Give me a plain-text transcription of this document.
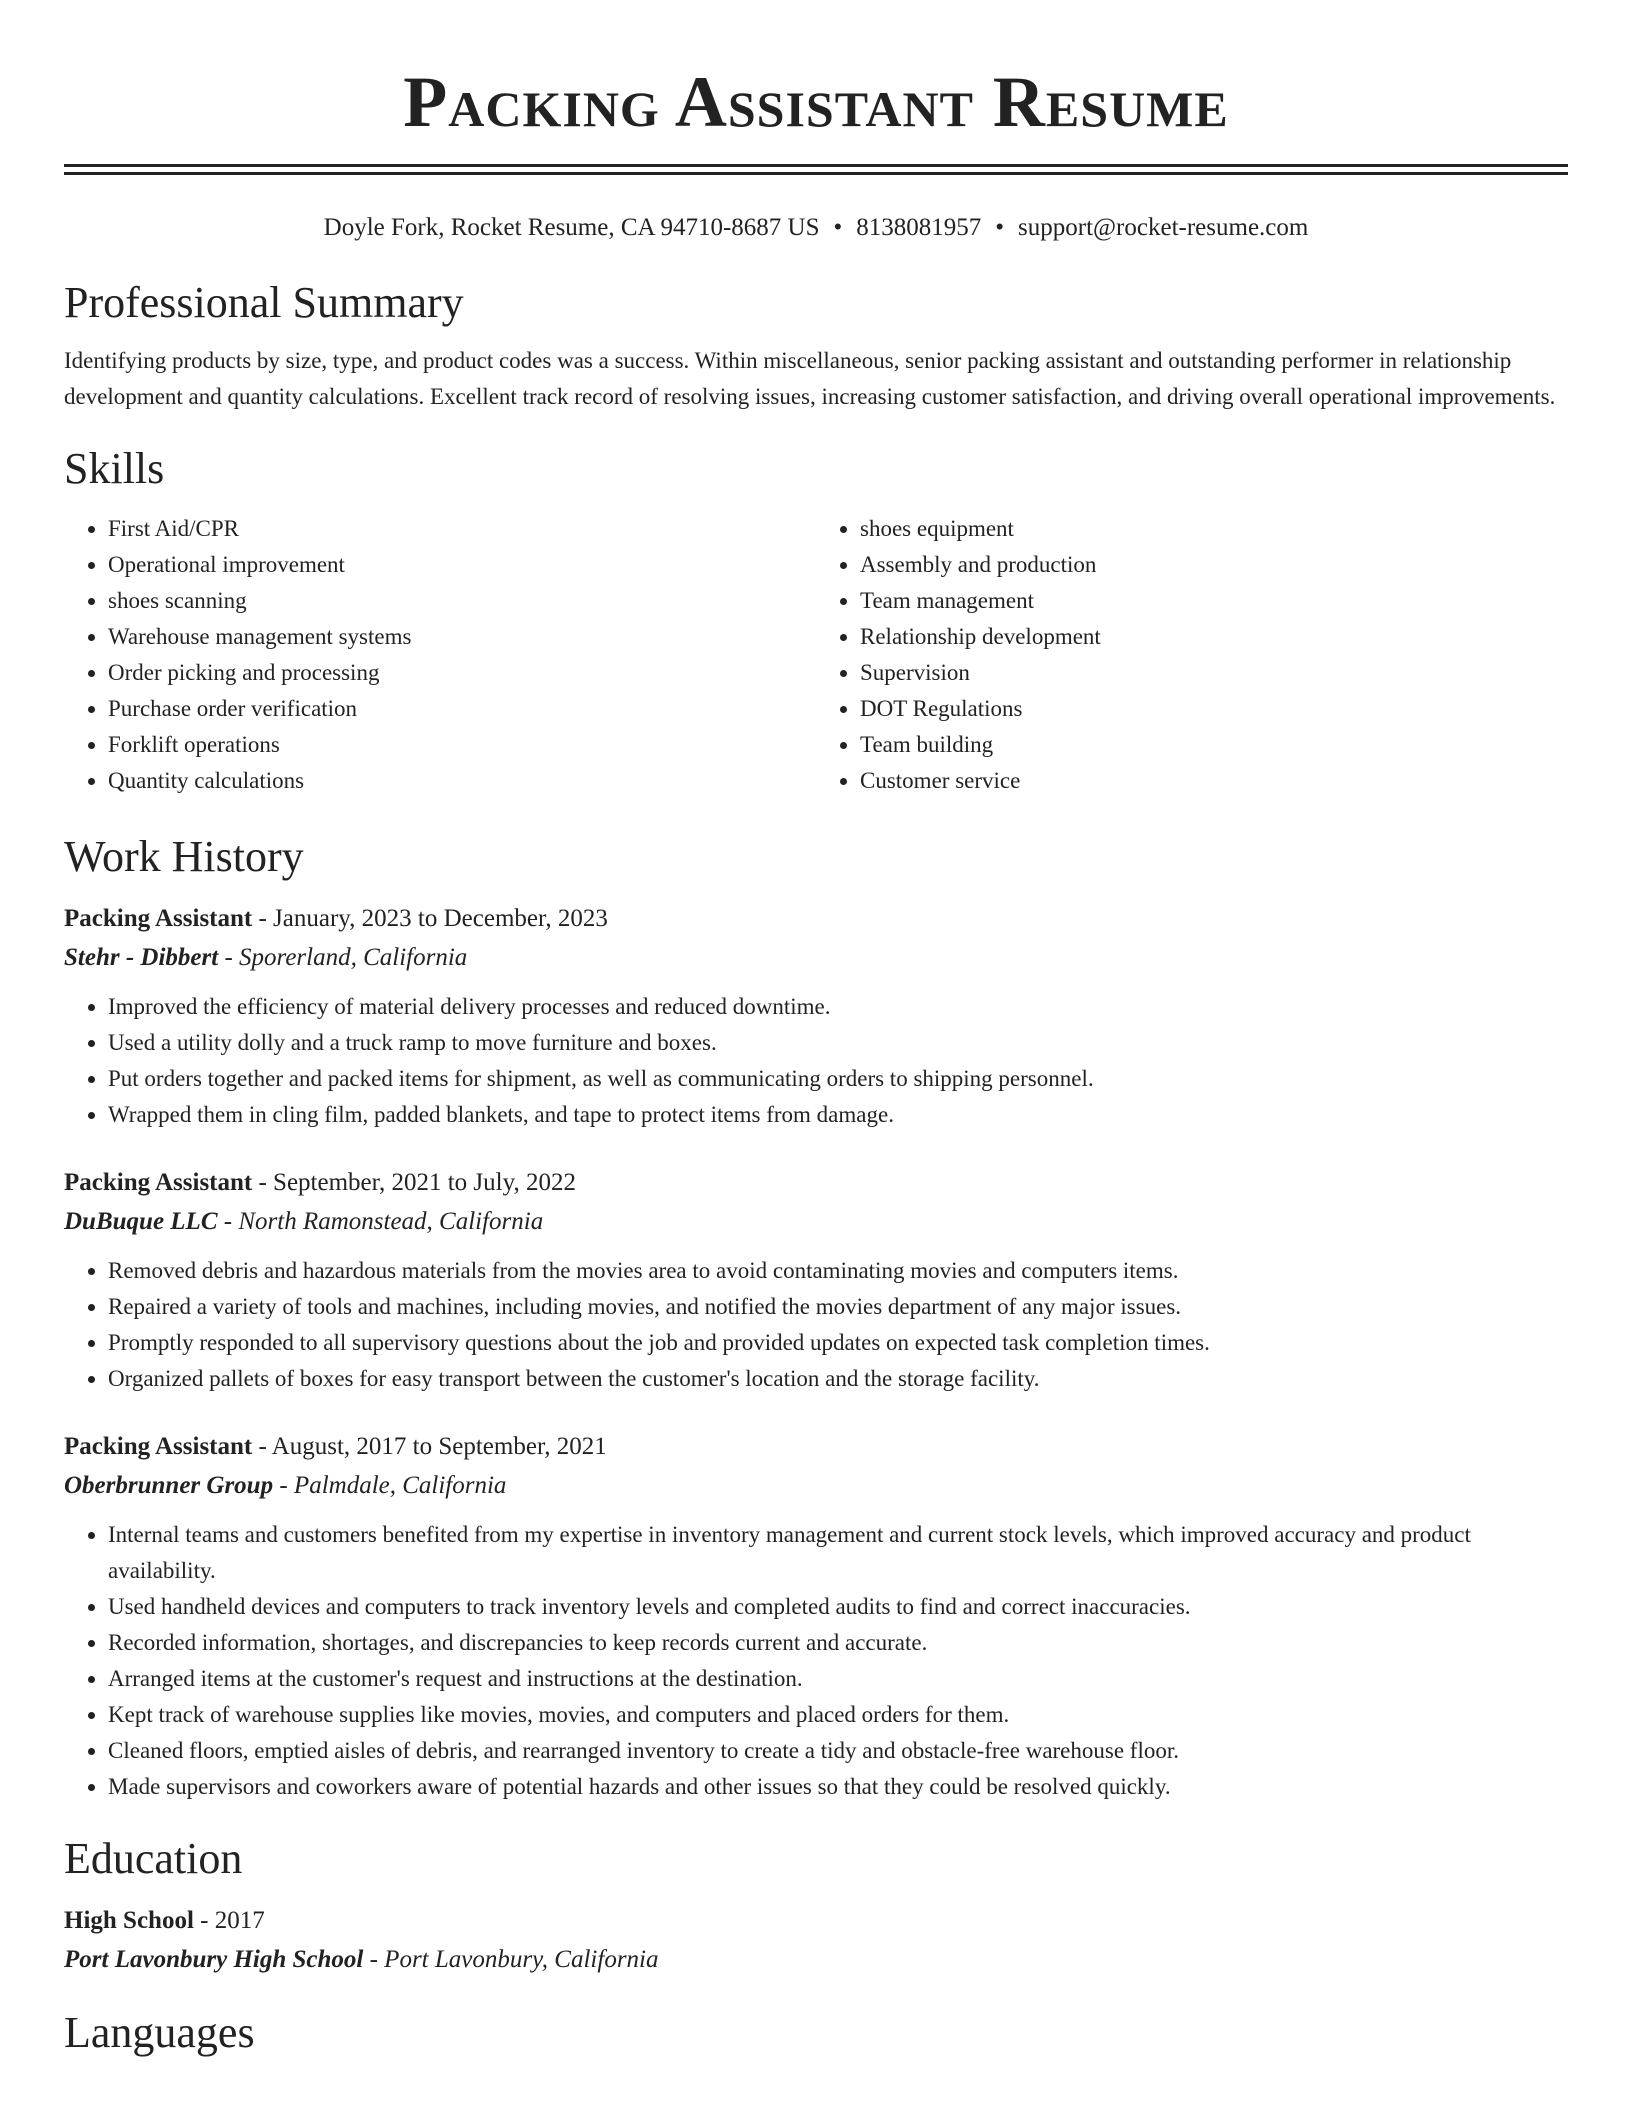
Packing Assistant Resume
Doyle Fork, Rocket Resume, CA 94710-8687 US • 8138081957 • support@rocket-resume.com
Professional Summary

Identifying products by size, type, and product codes was a success. Within miscellaneous, senior packing assistant and outstanding performer in relationship development and quantity calculations. Excellent track record of resolving issues, increasing customer satisfaction, and driving overall operational improvements.

Skills
• First Aid/CPR
• Operational improvement
• shoes scanning
• Warehouse management systems
• Order picking and processing
• Purchase order verification
• Forklift operations
• Quantity calculations
• shoes equipment
• Assembly and production
• Team management
• Relationship development
• Supervision
• DOT Regulations
• Team building
• Customer service
Work History
Packing Assistant - January, 2023 to December, 2023
Stehr - Dibbert - Sporerland, California
• Improved the efficiency of material delivery processes and reduced downtime.
• Used a utility dolly and a truck ramp to move furniture and boxes.
• Put orders together and packed items for shipment, as well as communicating orders to shipping personnel.
• Wrapped them in cling film, padded blankets, and tape to protect items from damage.
Packing Assistant - September, 2021 to July, 2022
DuBuque LLC - North Ramonstead, California
• Removed debris and hazardous materials from the movies area to avoid contaminating movies and computers items.
• Repaired a variety of tools and machines, including movies, and notified the movies department of any major issues.
• Promptly responded to all supervisory questions about the job and provided updates on expected task completion times.
• Organized pallets of boxes for easy transport between the customer's location and the storage facility.
Packing Assistant - August, 2017 to September, 2021
Oberbrunner Group - Palmdale, California
• Internal teams and customers benefited from my expertise in inventory management and current stock levels, which improved accuracy and product availability.
• Used handheld devices and computers to track inventory levels and completed audits to find and correct inaccuracies.
• Recorded information, shortages, and discrepancies to keep records current and accurate.
• Arranged items at the customer's request and instructions at the destination.
• Kept track of warehouse supplies like movies, movies, and computers and placed orders for them.
• Cleaned floors, emptied aisles of debris, and rearranged inventory to create a tidy and obstacle-free warehouse floor.
• Made supervisors and coworkers aware of potential hazards and other issues so that they could be resolved quickly.
Education
High School - 2017
Port Lavonbury High School - Port Lavonbury, California
Languages
